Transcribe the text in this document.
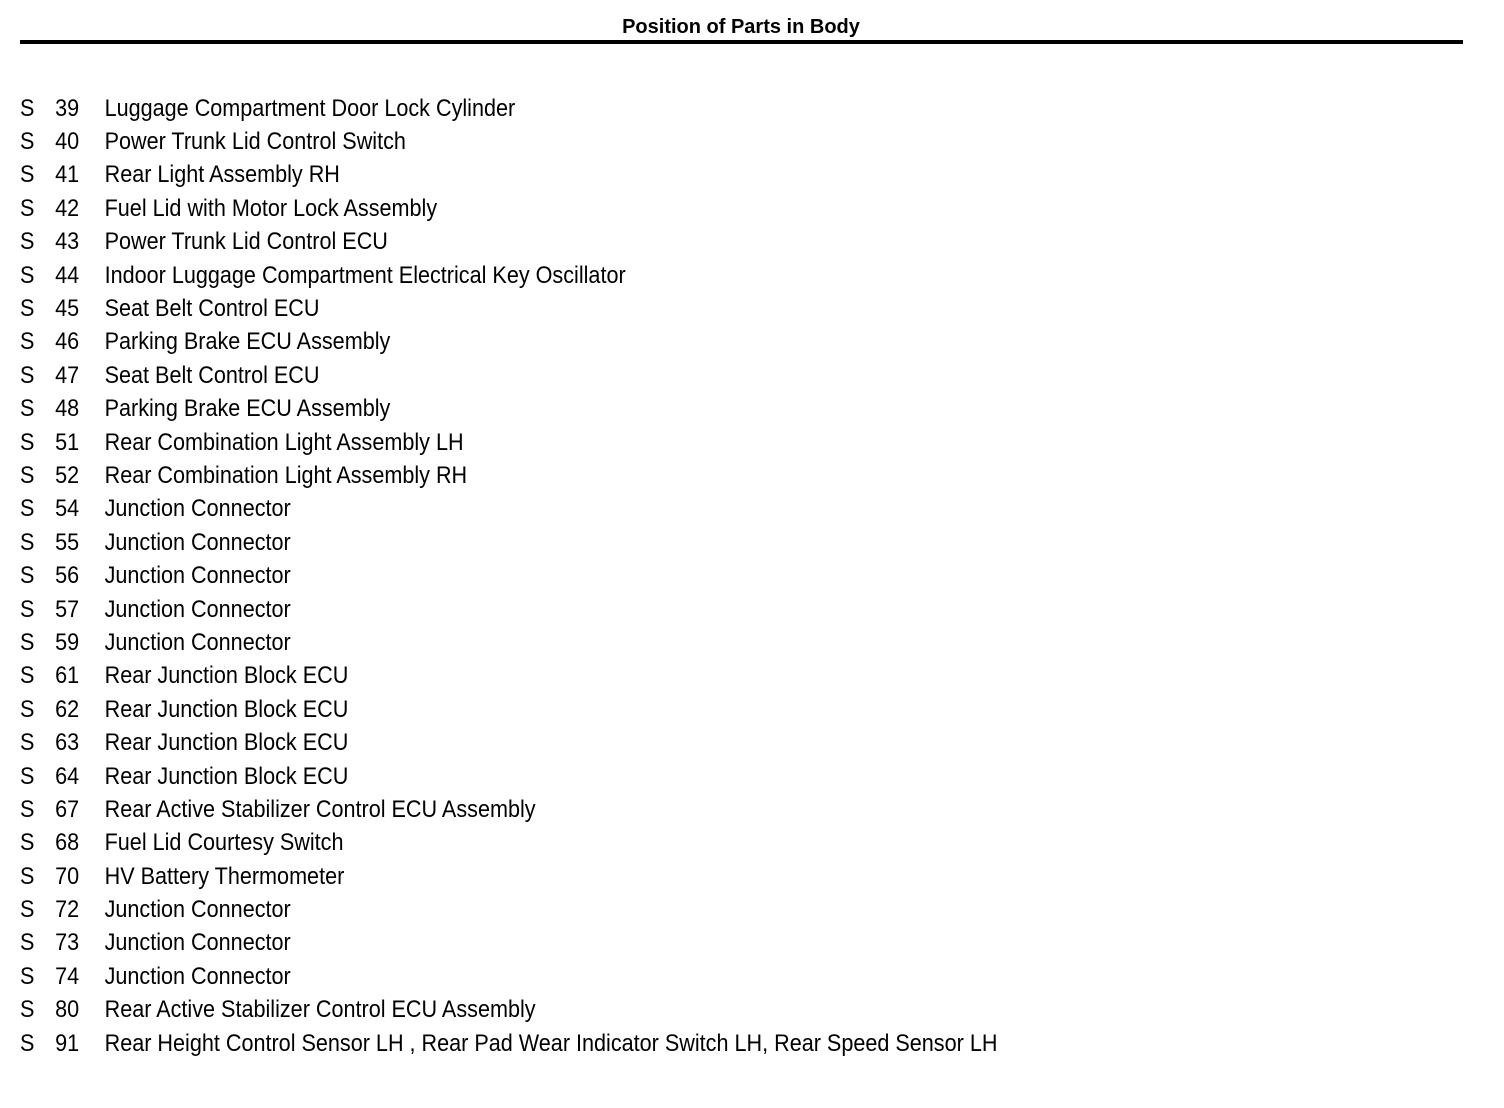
Position of Parts in Body
S 39	Luggage Compartment Door Lock Cylinder
S 40	Power Trunk Lid Control Switch
S 41	Rear Light Assembly RH
S 42	Fuel Lid with Motor Lock Assembly
S 43	Power Trunk Lid Control ECU
S 44	Indoor Luggage Compartment Electrical Key Oscillator
S 45	Seat Belt Control ECU
S 46	Parking Brake ECU Assembly
S 47	Seat Belt Control ECU
S 48	Parking Brake ECU Assembly
S 51	Rear Combination Light Assembly LH
S 52	Rear Combination Light Assembly RH
S 54	Junction Connector
S 55	Junction Connector
S 56	Junction Connector
S 57	Junction Connector
S 59	Junction Connector
S 61	Rear Junction Block ECU
S 62	Rear Junction Block ECU
S 63	Rear Junction Block ECU
S 64	Rear Junction Block ECU
S 67	Rear Active Stabilizer Control ECU Assembly
S 68	Fuel Lid Courtesy Switch
S 70	HV Battery Thermometer
S 72	Junction Connector
S 73	Junction Connector
S 74	Junction Connector
S 80	Rear Active Stabilizer Control ECU Assembly
S 91	Rear Height Control Sensor LH , Rear Pad Wear Indicator Switch LH, Rear Speed Sensor LH
